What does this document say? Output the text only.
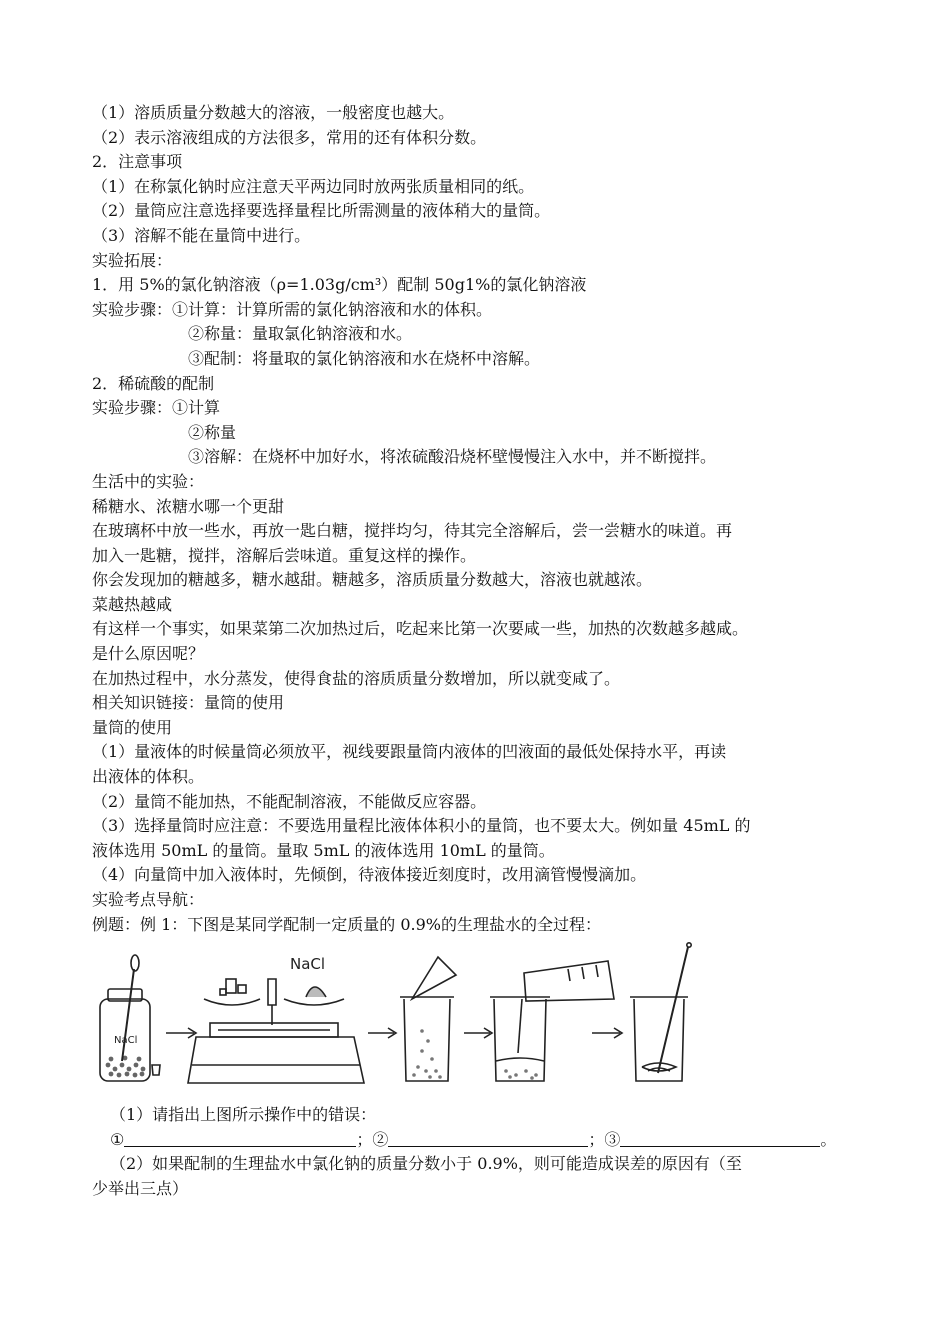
（1）溶质质量分数越大的溶液，一般密度也越大。
（2）表示溶液组成的方法很多，常用的还有体积分数。
2．注意事项
（1）在称氯化钠时应注意天平两边同时放两张质量相同的纸。
（2）量筒应注意选择要选择量程比所需测量的液体稍大的量筒。
（3）溶解不能在量筒中进行。
实验拓展：
1．用 5%的氯化钠溶液（ρ=1.03g/cm³）配制 50g1%的氯化钠溶液
实验步骤：①计算：计算所需的氯化钠溶液和水的体积。
②称量：量取氯化钠溶液和水。
③配制：将量取的氯化钠溶液和水在烧杯中溶解。
2．稀硫酸的配制
实验步骤：①计算
②称量
③溶解：在烧杯中加好水，将浓硫酸沿烧杯壁慢慢注入水中，并不断搅拌。
生活中的实验：
稀糖水、浓糖水哪一个更甜
在玻璃杯中放一些水，再放一匙白糖，搅拌均匀，待其完全溶解后，尝一尝糖水的味道。再
加入一匙糖，搅拌，溶解后尝味道。重复这样的操作。
你会发现加的糖越多，糖水越甜。糖越多，溶质质量分数越大，溶液也就越浓。
菜越热越咸
有这样一个事实，如果菜第二次加热过后，吃起来比第一次要咸一些，加热的次数越多越咸。
是什么原因呢？
在加热过程中，水分蒸发，使得食盐的溶质质量分数增加，所以就变咸了。
相关知识链接：量筒的使用
量筒的使用
（1）量液体的时候量筒必须放平，视线要跟量筒内液体的凹液面的最低处保持水平，再读
出液体的体积。
（2）量筒不能加热，不能配制溶液，不能做反应容器。
（3）选择量筒时应注意：不要选用量程比液体体积小的量筒，也不要太大。例如量 45mL 的
液体选用 50mL 的量筒。量取 5mL 的液体选用 10mL 的量筒。
（4）向量筒中加入液体时，先倾倒，待液体接近刻度时，改用滴管慢慢滴加。
实验考点导航：
例题：例 1：下图是某同学配制一定质量的 0.9%的生理盐水的全过程：
NaCl
NaCl
（1）请指出上图所示操作中的错误：
①	；②	；③	。
（2）如果配制的生理盐水中氯化钠的质量分数小于 0.9%，则可能造成误差的原因有（至
少举出三点）
